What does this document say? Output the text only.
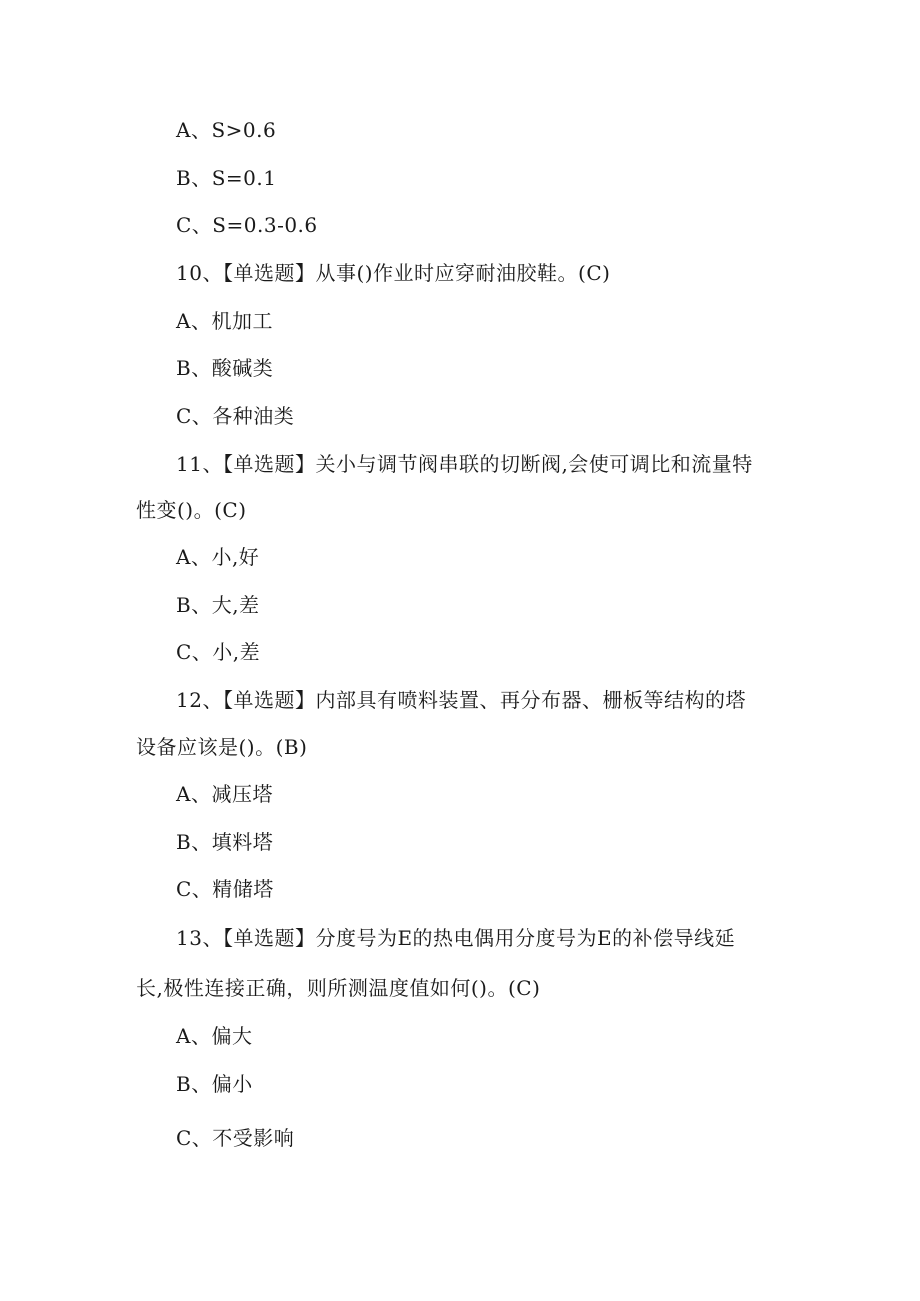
A、S>0.6
B、S=0.1
C、S=0.3-0.6
10、【单选题】从事()作业时应穿耐油胶鞋。(C)
A、机加工
B、酸碱类
C、各种油类
11、【单选题】关小与调节阀串联的切断阀,会使可调比和流量特
性变()。(C)
A、小,好
B、大,差
C、小,差
12、【单选题】内部具有喷料装置、再分布器、栅板等结构的塔
设备应该是()。(B)
A、减压塔
B、填料塔
C、精储塔
13、【单选题】分度号为E的热电偶用分度号为E的补偿导线延
长,极性连接正确，则所测温度值如何()。(C)
A、偏大
B、偏小
C、不受影响
